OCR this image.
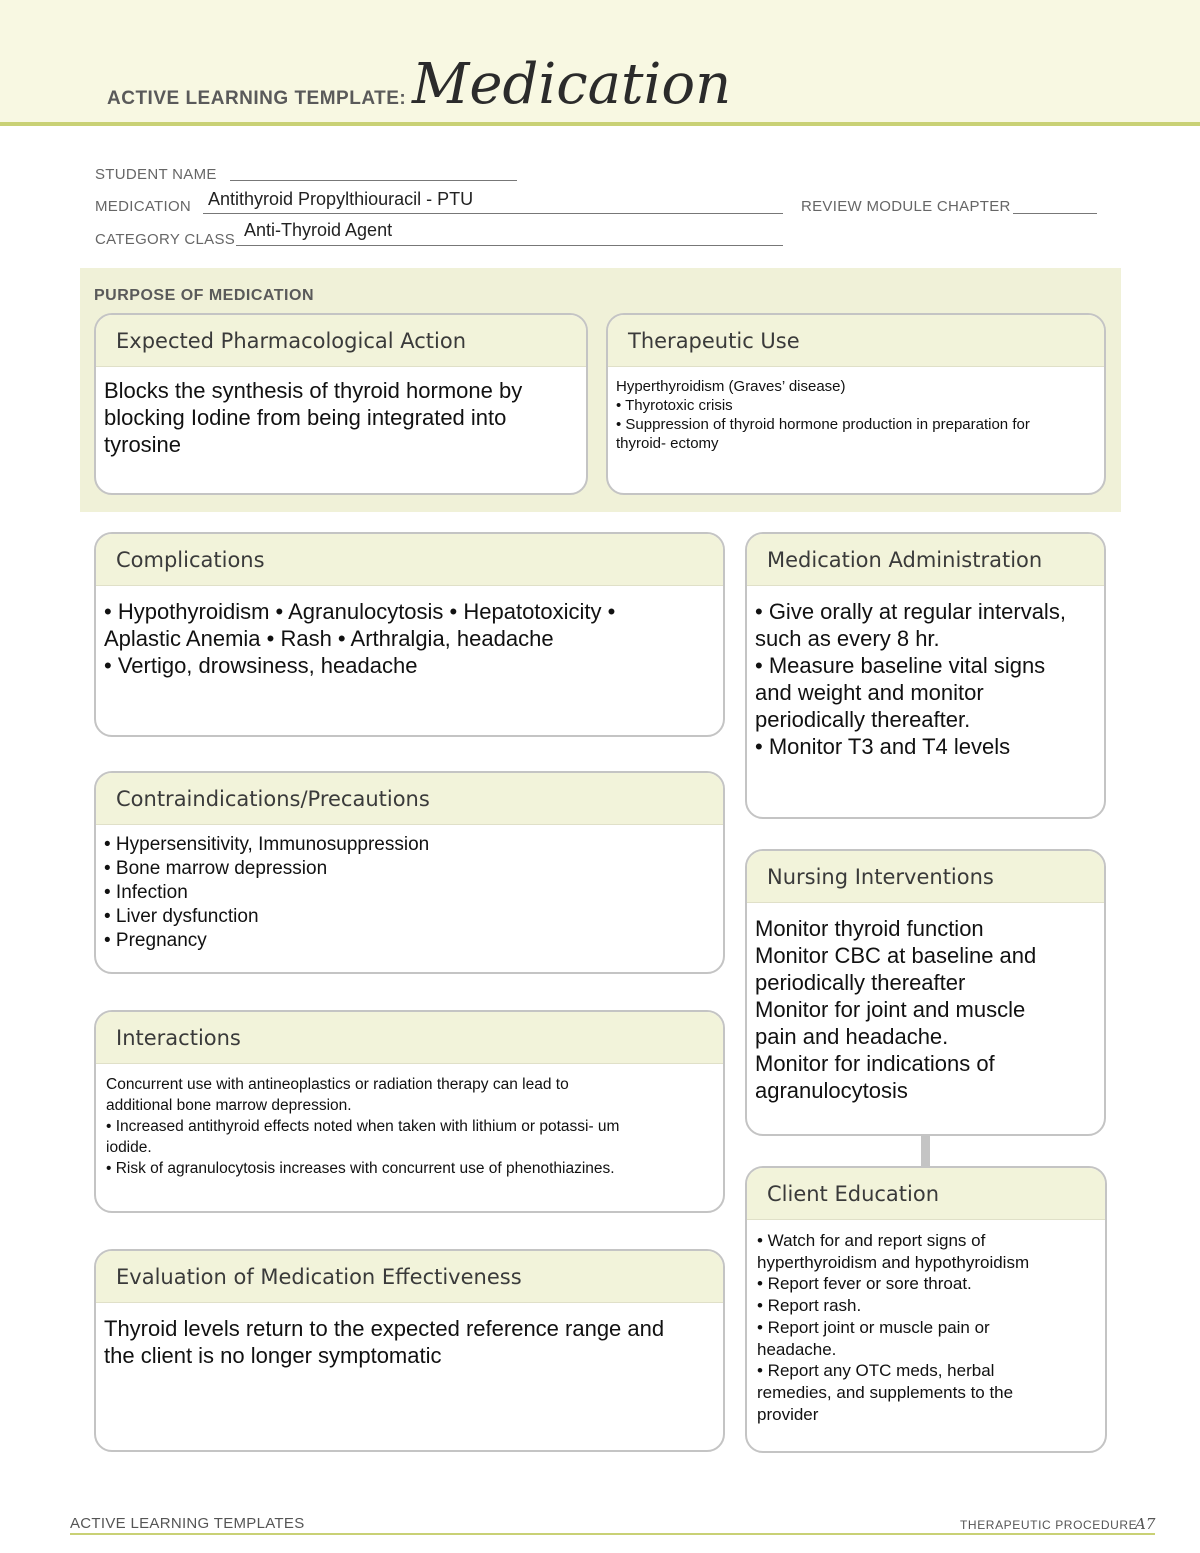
ACTIVE LEARNING TEMPLATE: Medication
STUDENT NAME
MEDICATION Antithyroid Propylthiouracil - PTU	REVIEW MODULE CHAPTER
CATEGORY CLASS Anti-Thyroid Agent
PURPOSE OF MEDICATION
Expected Pharmacological Action
Blocks the synthesis of thyroid hormone by
blocking Iodine from being integrated into
tyrosine
Therapeutic Use
Hyperthyroidism (Graves’ disease)
• Thyrotoxic crisis
• Suppression of thyroid hormone production in preparation for
thyroid- ectomy
Complications
• Hypothyroidism • Agranulocytosis • Hepatotoxicity •
Aplastic Anemia • Rash • Arthralgia, headache
• Vertigo, drowsiness, headache
Contraindications/Precautions
• Hypersensitivity, Immunosuppression
• Bone marrow depression
• Infection
• Liver dysfunction
• Pregnancy
Interactions
Concurrent use with antineoplastics or radiation therapy can lead to
additional bone marrow depression.
• Increased antithyroid effects noted when taken with lithium or potassi- um
iodide.
• Risk of agranulocytosis increases with concurrent use of phenothiazines.
Evaluation of Medication Effectiveness
Thyroid levels return to the expected reference range and
the client is no longer symptomatic
Medication Administration
• Give orally at regular intervals,
such as every 8 hr.
• Measure baseline vital signs
and weight and monitor
periodically thereafter.
• Monitor T3 and T4 levels
Nursing Interventions
Monitor thyroid function
Monitor CBC at baseline and
periodically thereafter
Monitor for joint and muscle
pain and headache.
Monitor for indications of
agranulocytosis
Client Education
• Watch for and report signs of
hyperthyroidism and hypothyroidism
• Report fever or sore throat.
• Report rash.
• Report joint or muscle pain or
headache.
• Report any OTC meds, herbal
remedies, and supplements to the
provider
ACTIVE LEARNING TEMPLATES	THERAPEUTIC PROCEDURE
A7
